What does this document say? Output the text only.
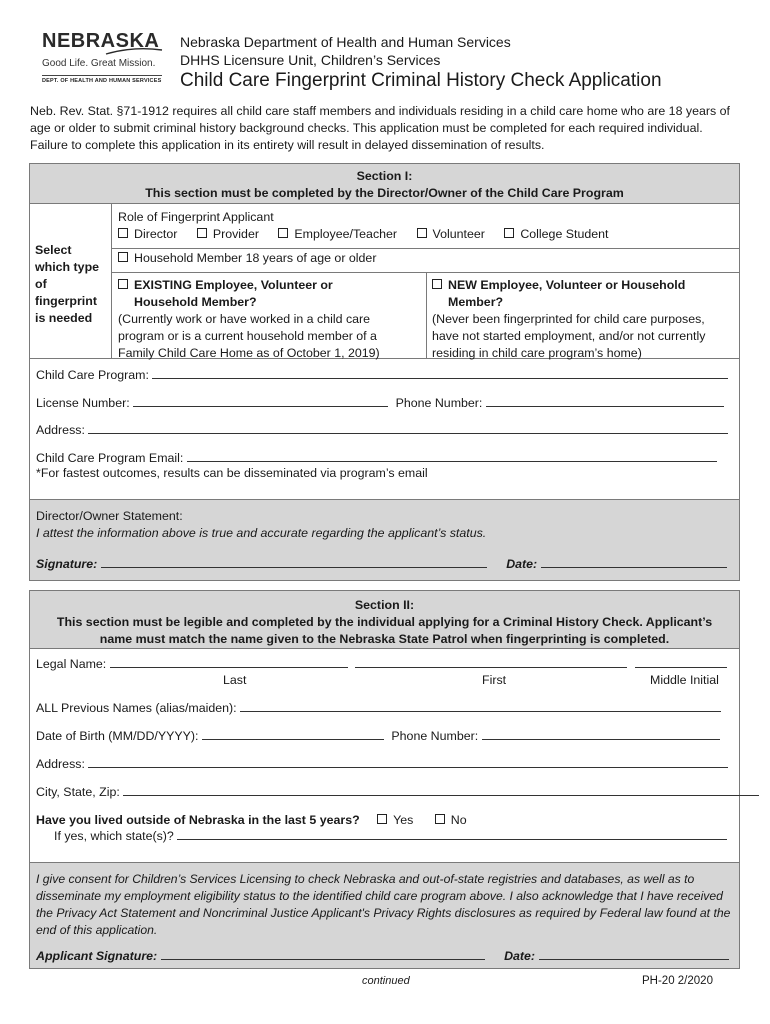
NEBRASKA
Good Life. Great Mission.
DEPT. OF HEALTH AND HUMAN SERVICES
Nebraska Department of Health and Human Services
DHHS Licensure Unit, Children’s Services
Child Care Fingerprint Criminal History Check Application
Neb. Rev. Stat. §71-1912 requires all child care staff members and individuals residing in a child care home who are 18 years of age or older to submit criminal history background checks. This application must be completed for each required individual. Failure to complete this application in its entirety will result in delayed dissemination of results.
Section I:
This section must be completed by the Director/Owner of the Child Care Program
Select which type of fingerprint is needed
Role of Fingerprint Applicant
Director	Provider	Employee/Teacher	Volunteer	College Student
Household Member 18 years of age or older
EXISTING Employee, Volunteer or
Household Member?
(Currently work or have worked in a child care
program or is a current household member of a
Family Child Care Home as of October 1, 2019)
NEW Employee, Volunteer or Household
Member?
(Never been fingerprinted for child care purposes,
have not started employment, and/or not currently
residing in child care program’s home)
Child Care Program:
License Number:	Phone Number:
Address:
Child Care Program Email:
*For fastest outcomes, results can be disseminated via program’s email
Director/Owner Statement:
I attest the information above is true and accurate regarding the applicant’s status.
Signature:	Date:
Section II:
This section must be legible and completed by the individual applying for a Criminal History Check. Applicant’s
name must match the name given to the Nebraska State Patrol when fingerprinting is completed.
Legal Name:
Last	First	Middle Initial
ALL Previous Names (alias/maiden):
Date of Birth (MM/DD/YYYY):	Phone Number:
Address:
City, State, Zip:
Have you lived outside of Nebraska in the last 5 years?	Yes	No
If yes, which state(s)?
I give consent for Children’s Services Licensing to check Nebraska and out-of-state registries and databases, as well as to disseminate my employment eligibility status to the identified child care program above. I also acknowledge that I have received the Privacy Act Statement and Noncriminal Justice Applicant's Privacy Rights disclosures as required by Federal law found at the end of this application.
Applicant Signature:	Date:
continued	PH-20 2/2020
